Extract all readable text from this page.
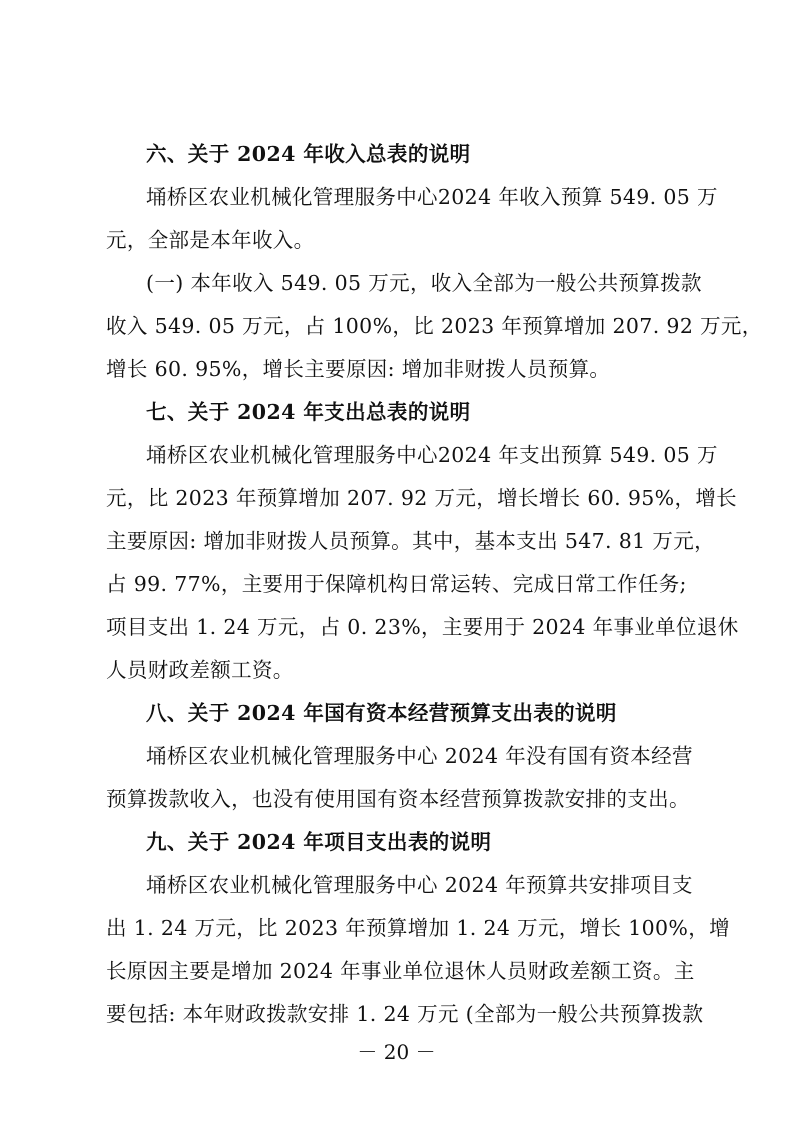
六、关于 2024 年收入总表的说明
埇桥区农业机械化管理服务中心2024 年收入预算 549. 05 万
元，全部是本年收入。
(一) 本年收入 549. 05 万元，收入全部为一般公共预算拨款
收入 549. 05 万元，占 100%，比 2023 年预算增加 207. 92 万元，
增长 60. 95%，增长主要原因: 增加非财拨人员预算。
七、关于 2024 年支出总表的说明
埇桥区农业机械化管理服务中心2024 年支出预算 549. 05 万
元，比 2023 年预算增加 207. 92 万元，增长增长 60. 95%，增长
主要原因: 增加非财拨人员预算。其中，基本支出 547. 81 万元，
占 99. 77%，主要用于保障机构日常运转、完成日常工作任务;
项目支出 1. 24 万元，占 0. 23%，主要用于 2024 年事业单位退休
人员财政差额工资。
八、关于 2024 年国有资本经营预算支出表的说明
埇桥区农业机械化管理服务中心 2024 年没有国有资本经营
预算拨款收入，也没有使用国有资本经营预算拨款安排的支出。
九、关于 2024 年项目支出表的说明
埇桥区农业机械化管理服务中心 2024 年预算共安排项目支
出 1. 24 万元，比 2023 年预算增加 1. 24 万元，增长 100%，增
长原因主要是增加 2024 年事业单位退休人员财政差额工资。主
要包括: 本年财政拨款安排 1. 24 万元 (全部为一般公共预算拨款
－ 20 －
